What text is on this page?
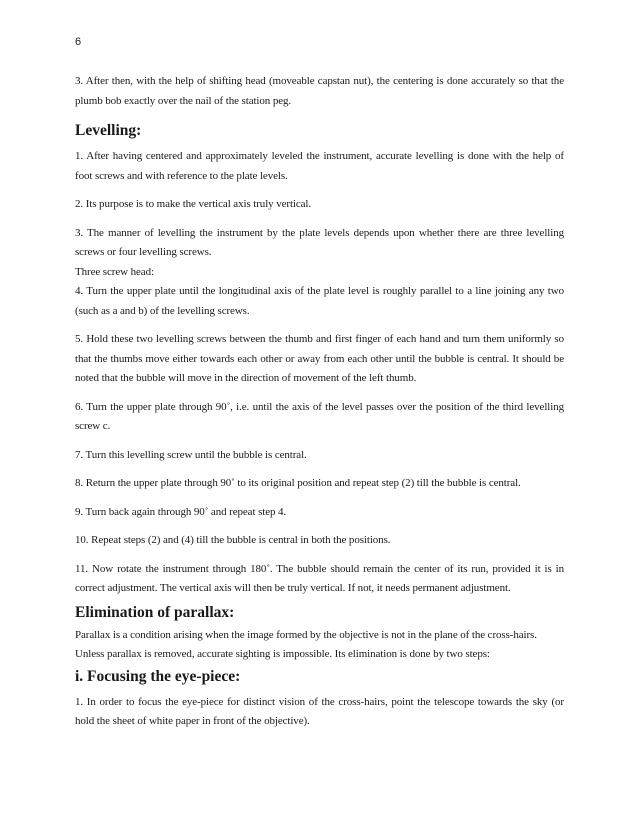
6

3. After then, with the help of shifting head (moveable capstan nut), the centering is done accurately so that the plumb bob exactly over the nail of the station peg.

Levelling:

1. After having centered and approximately leveled the instrument, accurate levelling is done with the help of foot screws and with reference to the plate levels.

2. Its purpose is to make the vertical axis truly vertical.

3. The manner of levelling the instrument by the plate levels depends upon whether there are three levelling screws or four levelling screws.

Three screw head:

4. Turn the upper plate until the longitudinal axis of the plate level is roughly parallel to a line joining any two (such as a and b) of the levelling screws.

5. Hold these two levelling screws between the thumb and first finger of each hand and turn them uniformly so that the thumbs move either towards each other or away from each other until the bubble is central. It should be noted that the bubble will move in the direction of movement of the left thumb.

6. Turn the upper plate through 90˚, i.e. until the axis of the level passes over the position of the third levelling screw c.

7. Turn this levelling screw until the bubble is central.

8. Return the upper plate through 90˚ to its original position and repeat step (2) till the bubble is central.

9. Turn back again through 90˚ and repeat step 4.

10. Repeat steps (2) and (4) till the bubble is central in both the positions.

11. Now rotate the instrument through 180˚. The bubble should remain the center of its run, provided it is in correct adjustment. The vertical axis will then be truly vertical. If not, it needs permanent adjustment.

Elimination of parallax:

Parallax is a condition arising when the image formed by the objective is not in the plane of the cross-hairs.

Unless parallax is removed, accurate sighting is impossible. Its elimination is done by two steps:

i. Focusing the eye-piece:

1. In order to focus the eye-piece for distinct vision of the cross-hairs, point the telescope towards the sky (or hold the sheet of white paper in front of the objective).
